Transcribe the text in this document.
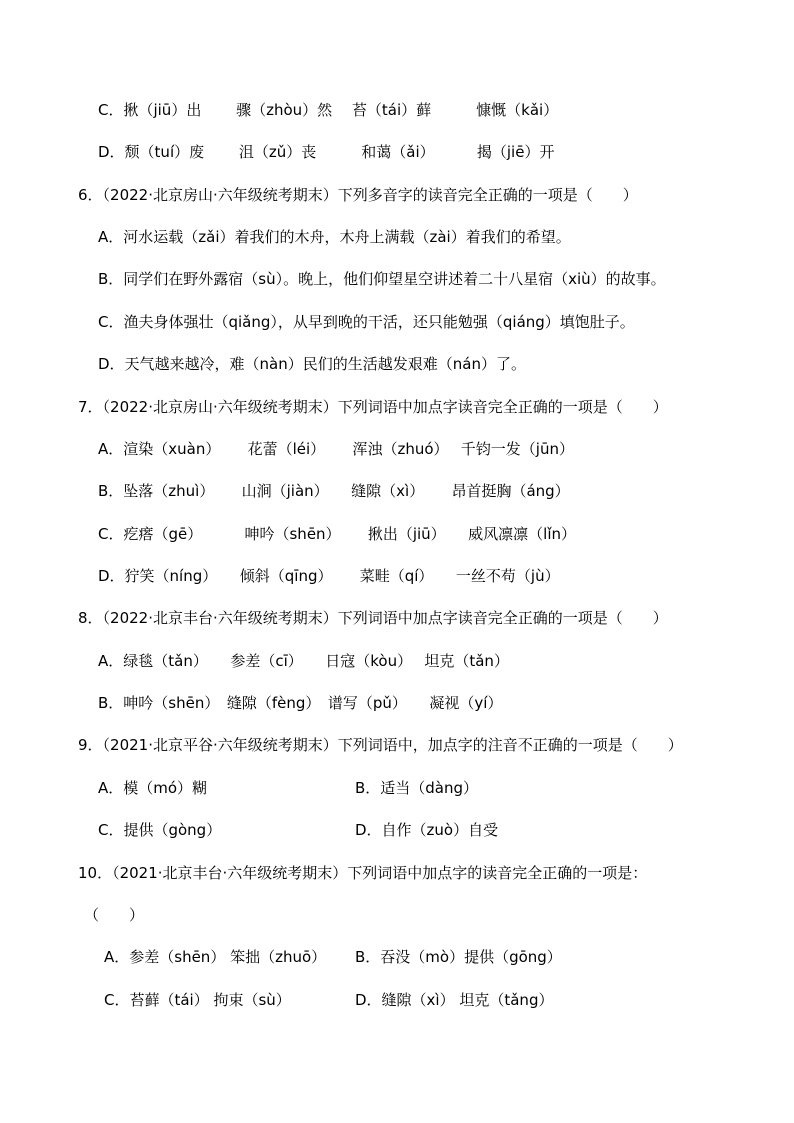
C．揪（jiū）出　　 骤（zhòu）然　 苔（tái）藓　　　慷慨（kǎi）
D．颓（tuí）废　　 沮（zǔ）丧　　　和蔼（ǎi）　　　 揭（jiē）开
6．（2022·北京房山·六年级统考期末）下列多音字的读音完全正确的一项是（　　）
A．河水运载（zǎi）着我们的木舟，木舟上满载（zài）着我们的希望。
B．同学们在野外露宿（sù）。晚上，他们仰望星空讲述着二十八星宿（xiù）的故事。
C．渔夫身体强壮（qiǎng），从早到晚的干活，还只能勉强（qiáng）填饱肚子。
D．天气越来越冷，难（nàn）民们的生活越发艰难（nán）了。
7．（2022·北京房山·六年级统考期末）下列词语中加点字读音完全正确的一项是（　　）
A．渲染（xuàn）　　 花蕾（léi）　　 浑浊（zhuó）　 千钧一发（jūn）
B．坠落（zhuì）　　 山涧（jiàn）　　缝隙（xì）　　 昂首挺胸（áng）
C．疙瘩（gē）　　　 呻吟（shēn）　　 揪出（jiū）　　威风凛凛（lǐn）
D．狞笑（níng）　　倾斜（qīng）　　 菜畦（qí）　　一丝不苟（jù）
8．（2022·北京丰台·六年级统考期末）下列词语中加点字读音完全正确的一项是（　　）
A．绿毯（tǎn）　　参差（cī）　　日寇（kòu）　 坦克（tǎn）
B．呻吟（shēn）　缝隙（fèng）　谱写（pǔ）　　凝视（yí）
9．（2021·北京平谷·六年级统考期末）下列词语中，加点字的注音不正确的一项是（　　）
A．模（mó）糊	B．适当（dàng）
C．提供（gòng）	D．自作（zuò）自受
10．（2021·北京丰台·六年级统考期末）下列词语中加点字的读音完全正确的一项是：
（　　）
A．参差（shēn） 笨拙（zhuō） B．吞没（mò）提供（gōng）
C．苔藓（tái） 拘束（sù）	D．缝隙（xì） 坦克（tǎng）
